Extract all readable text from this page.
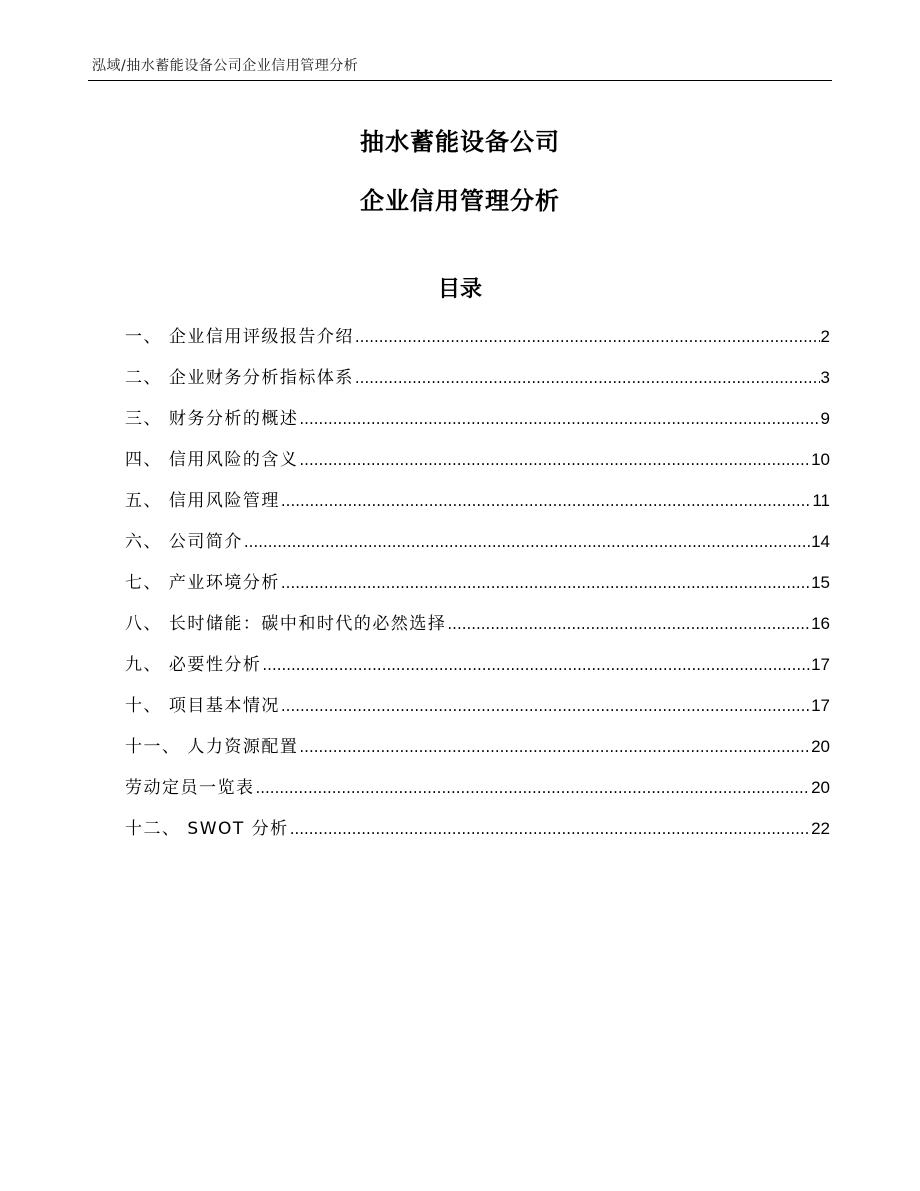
泓域/抽水蓄能设备公司企业信用管理分析
抽水蓄能设备公司
企业信用管理分析
目录
一、 企业信用评级报告介绍 .....	2
二、 企业财务分析指标体系 .....	3
三、 财务分析的概述 .....	9
四、 信用风险的含义 .....	10
五、 信用风险管理 .....	11
六、 公司简介 .....	14
七、 产业环境分析 .....	15
八、 长时储能：碳中和时代的必然选择 .....	16
九、 必要性分析 .....	17
十、 项目基本情况 .....	17
十一、 人力资源配置 .....	20
劳动定员一览表 .....	20
十二、 SWOT 分析 .....	22
